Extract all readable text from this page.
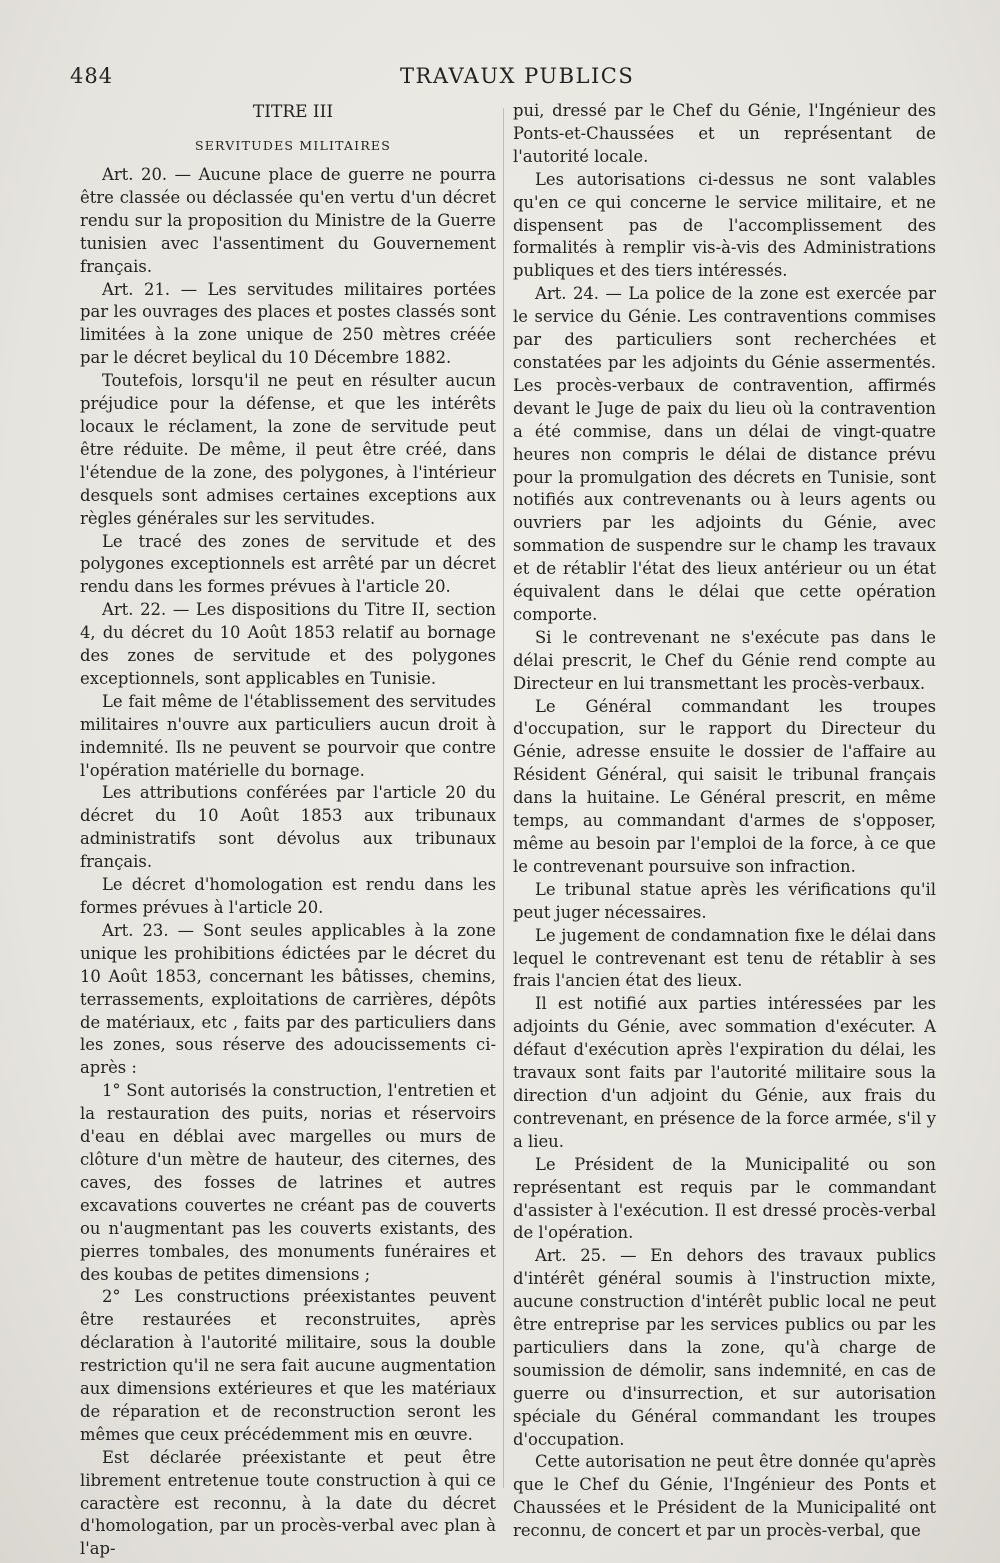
484	TRAVAUX PUBLICS
TITRE III
SERVITUDES MILITAIRES

Art. 20. — Aucune place de guerre ne pourra être classée ou déclassée qu'en vertu d'un décret rendu sur la proposition du Ministre de la Guerre tunisien avec l'assentiment du Gouvernement français.

Art. 21. — Les servitudes militaires portées par les ouvrages des places et postes classés sont limitées à la zone unique de 250 mètres créée par le décret beylical du 10 Décembre 1882.

Toutefois, lorsqu'il ne peut en résulter aucun préjudice pour la défense, et que les intérêts locaux le réclament, la zone de servitude peut être réduite. De même, il peut être créé, dans l'étendue de la zone, des polygones, à l'intérieur desquels sont admises certaines exceptions aux règles générales sur les servitudes.

Le tracé des zones de servitude et des polygones exceptionnels est arrêté par un décret rendu dans les formes prévues à l'article 20.

Art. 22. — Les dispositions du Titre II, section 4, du décret du 10 Août 1853 relatif au bornage des zones de servitude et des polygones exceptionnels, sont applicables en Tunisie.

Le fait même de l'établissement des servitudes militaires n'ouvre aux particuliers aucun droit à indemnité. Ils ne peuvent se pourvoir que contre l'opération matérielle du bornage.

Les attributions conférées par l'article 20 du décret du 10 Août 1853 aux tribunaux administratifs sont dévolus aux tribunaux français.

Le décret d'homologation est rendu dans les formes prévues à l'article 20.

Art. 23. — Sont seules applicables à la zone unique les prohibitions édictées par le décret du 10 Août 1853, concernant les bâtisses, chemins, terrassements, exploitations de carrières, dépôts de matériaux, etc , faits par des particuliers dans les zones, sous réserve des adoucissements ci-après :

1° Sont autorisés la construction, l'entretien et la restauration des puits, norias et réservoirs d'eau en déblai avec margelles ou murs de clôture d'un mètre de hauteur, des citernes, des caves, des fosses de latrines et autres excavations couvertes ne créant pas de couverts ou n'augmentant pas les couverts existants, des pierres tombales, des monuments funéraires et des koubas de petites dimensions ;

2° Les constructions préexistantes peuvent être restaurées et reconstruites, après déclaration à l'autorité militaire, sous la double restriction qu'il ne sera fait aucune augmentation aux dimensions extérieures et que les matériaux de réparation et de reconstruction seront les mêmes que ceux précédemment mis en œuvre.

Est déclarée préexistante et peut être librement entretenue toute construction à qui ce caractère est reconnu, à la date du décret d'homologation, par un procès-verbal avec plan à l'ap-

pui, dressé par le Chef du Génie, l'Ingénieur des Ponts-et-Chaussées et un représentant de l'autorité locale.

Les autorisations ci-dessus ne sont valables qu'en ce qui concerne le service militaire, et ne dispensent pas de l'accomplissement des formalités à remplir vis-à-vis des Administrations publiques et des tiers intéressés.

Art. 24. — La police de la zone est exercée par le service du Génie. Les contraventions commises par des particuliers sont recherchées et constatées par les adjoints du Génie assermentés. Les procès-verbaux de contravention, affirmés devant le Juge de paix du lieu où la contravention a été commise, dans un délai de vingt-quatre heures non compris le délai de distance prévu pour la promulgation des décrets en Tunisie, sont notifiés aux contrevenants ou à leurs agents ou ouvriers par les adjoints du Génie, avec sommation de suspendre sur le champ les travaux et de rétablir l'état des lieux antérieur ou un état équivalent dans le délai que cette opération comporte.

Si le contrevenant ne s'exécute pas dans le délai prescrit, le Chef du Génie rend compte au Directeur en lui transmettant les procès-verbaux.

Le Général commandant les troupes d'occupation, sur le rapport du Directeur du Génie, adresse ensuite le dossier de l'affaire au Résident Général, qui saisit le tribunal français dans la huitaine. Le Général prescrit, en même temps, au commandant d'armes de s'opposer, même au besoin par l'emploi de la force, à ce que le contrevenant poursuive son infraction.

Le tribunal statue après les vérifications qu'il peut juger nécessaires.

Le jugement de condamnation fixe le délai dans lequel le contrevenant est tenu de rétablir à ses frais l'ancien état des lieux.

Il est notifié aux parties intéressées par les adjoints du Génie, avec sommation d'exécuter. A défaut d'exécution après l'expiration du délai, les travaux sont faits par l'autorité militaire sous la direction d'un adjoint du Génie, aux frais du contrevenant, en présence de la force armée, s'il y a lieu.

Le Président de la Municipalité ou son représentant est requis par le commandant d'assister à l'exécution. Il est dressé procès-verbal de l'opération.

Art. 25. — En dehors des travaux publics d'intérêt général soumis à l'instruction mixte, aucune construction d'intérêt public local ne peut être entreprise par les services publics ou par les particuliers dans la zone, qu'à charge de soumission de démolir, sans indemnité, en cas de guerre ou d'insurrection, et sur autorisation spéciale du Général commandant les troupes d'occupation.

Cette autorisation ne peut être donnée qu'après que le Chef du Génie, l'Ingénieur des Ponts et Chaussées et le Président de la Municipalité ont reconnu, de concert et par un procès-verbal, que
